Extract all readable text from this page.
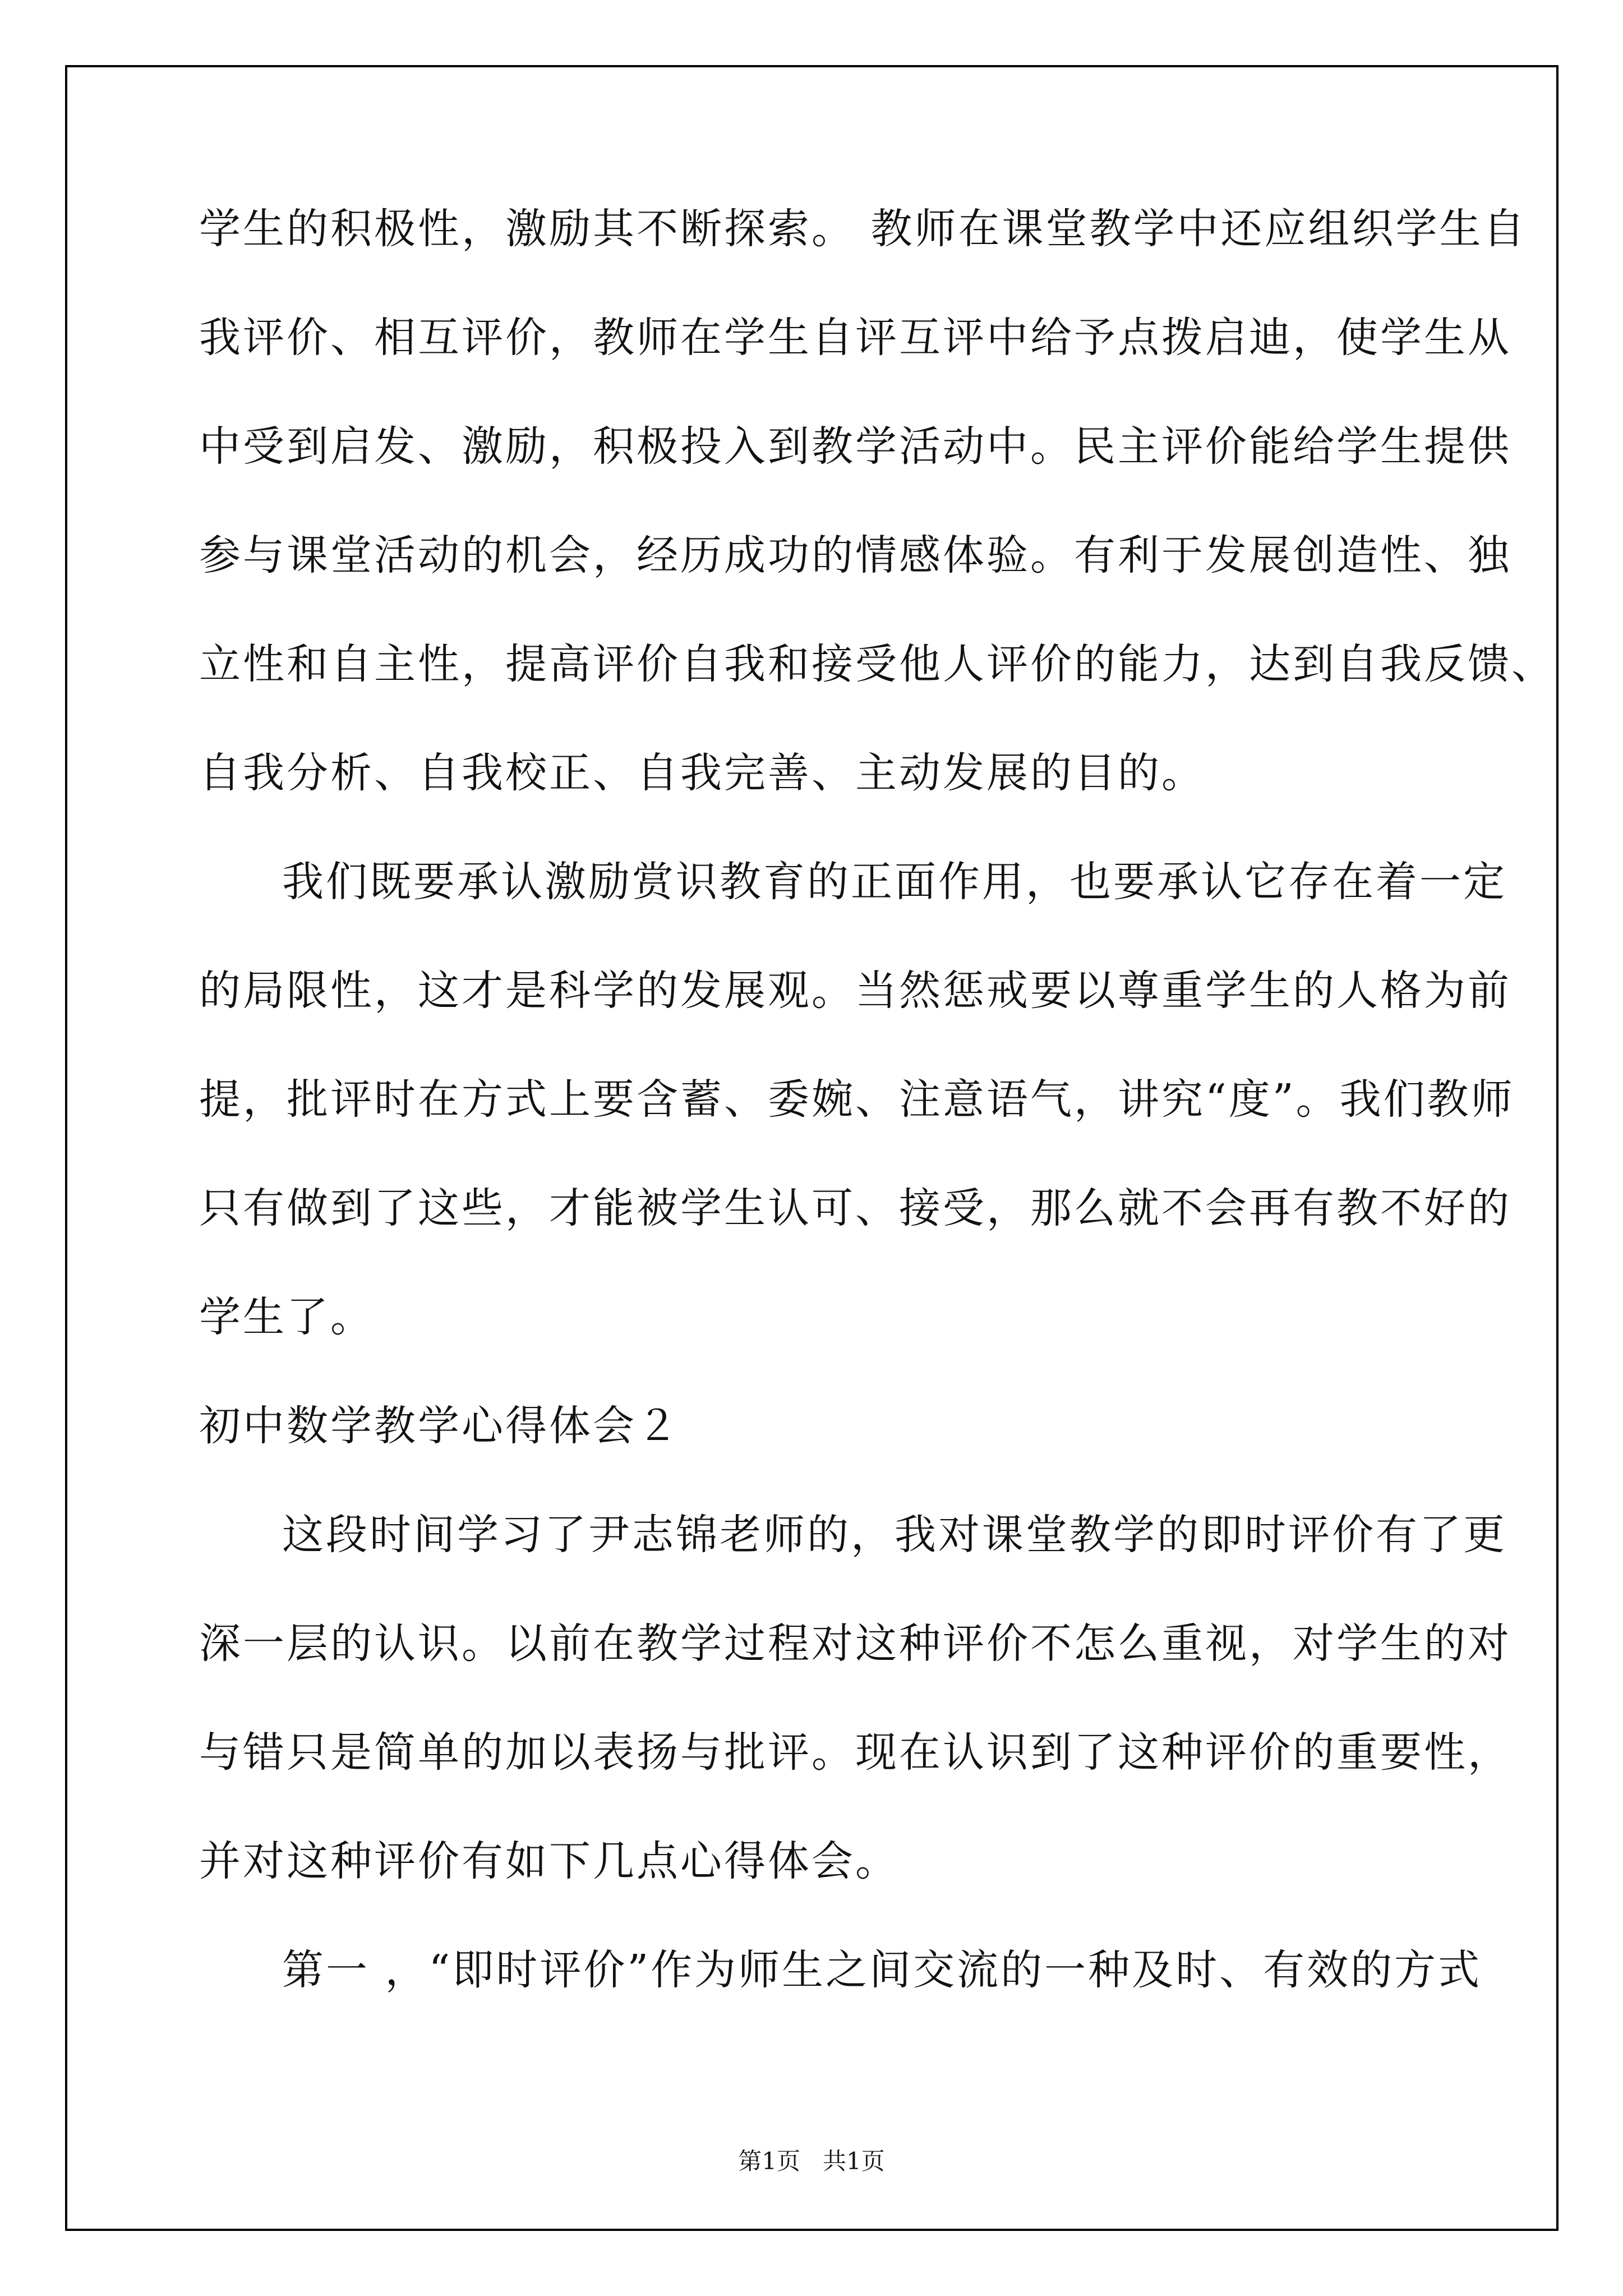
学生的积极性，激励其不断探索。 教师在课堂教学中还应组织学生自
我评价、相互评价，教师在学生自评互评中给予点拨启迪，使学生从
中受到启发、激励，积极投入到教学活动中。民主评价能给学生提供
参与课堂活动的机会，经历成功的情感体验。有利于发展创造性、独
立性和自主性，提高评价自我和接受他人评价的能力，达到自我反馈、
自我分析、自我校正、自我完善、主动发展的目的。
我们既要承认激励赏识教育的正面作用，也要承认它存在着一定
的局限性，这才是科学的发展观。当然惩戒要以尊重学生的人格为前
提，批评时在方式上要含蓄、委婉、注意语气，讲究“度”。我们教师
只有做到了这些，才能被学生认可、接受，那么就不会再有教不好的
学生了。
初中数学教学心得体会２
这段时间学习了尹志锦老师的，我对课堂教学的即时评价有了更
深一层的认识。以前在教学过程对这种评价不怎么重视，对学生的对
与错只是简单的加以表扬与批评。现在认识到了这种评价的重要性，
并对这种评价有如下几点心得体会。
第一 ，“即时评价”作为师生之间交流的一种及时、有效的方式
第1页 共1页
